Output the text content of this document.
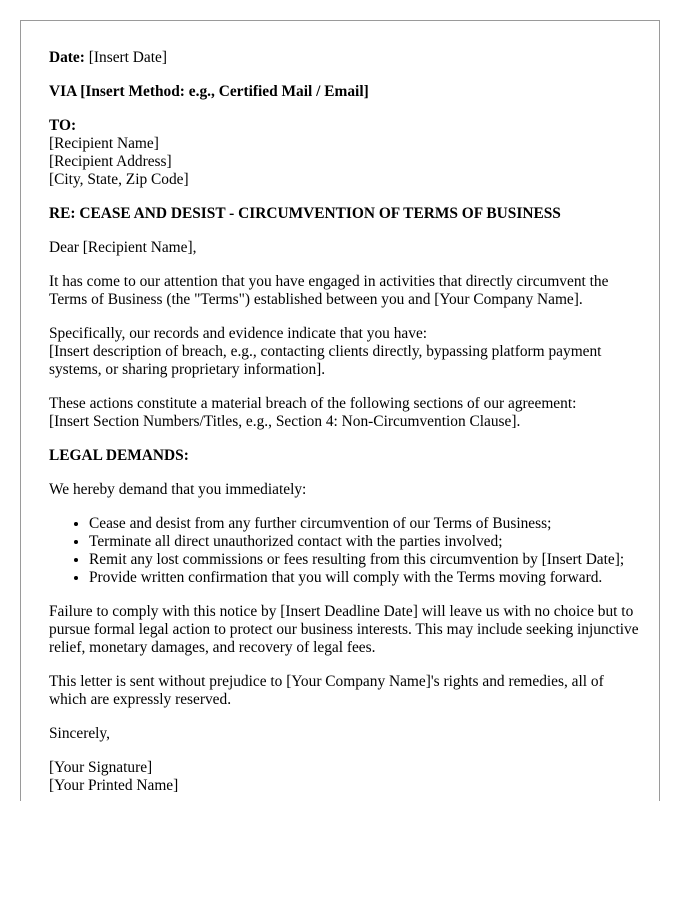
Date: [Insert Date]

VIA [Insert Method: e.g., Certified Mail / Email]

TO:
[Recipient Name]
[Recipient Address]
[City, State, Zip Code]

RE: CEASE AND DESIST - CIRCUMVENTION OF TERMS OF BUSINESS

Dear [Recipient Name],

It has come to our attention that you have engaged in activities that directly circumvent the Terms of Business (the "Terms") established between you and [Your Company Name].

Specifically, our records and evidence indicate that you have:
[Insert description of breach, e.g., contacting clients directly, bypassing platform payment systems, or sharing proprietary information].

These actions constitute a material breach of the following sections of our agreement:
[Insert Section Numbers/Titles, e.g., Section 4: Non-Circumvention Clause].

LEGAL DEMANDS:

We hereby demand that you immediately:

• Cease and desist from any further circumvention of our Terms of Business;
• Terminate all direct unauthorized contact with the parties involved;
• Remit any lost commissions or fees resulting from this circumvention by [Insert Date];
• Provide written confirmation that you will comply with the Terms moving forward.

Failure to comply with this notice by [Insert Deadline Date] will leave us with no choice but to pursue formal legal action to protect our business interests. This may include seeking injunctive relief, monetary damages, and recovery of legal fees.

This letter is sent without prejudice to [Your Company Name]'s rights and remedies, all of which are expressly reserved.

Sincerely,

[Your Signature]
[Your Printed Name]
